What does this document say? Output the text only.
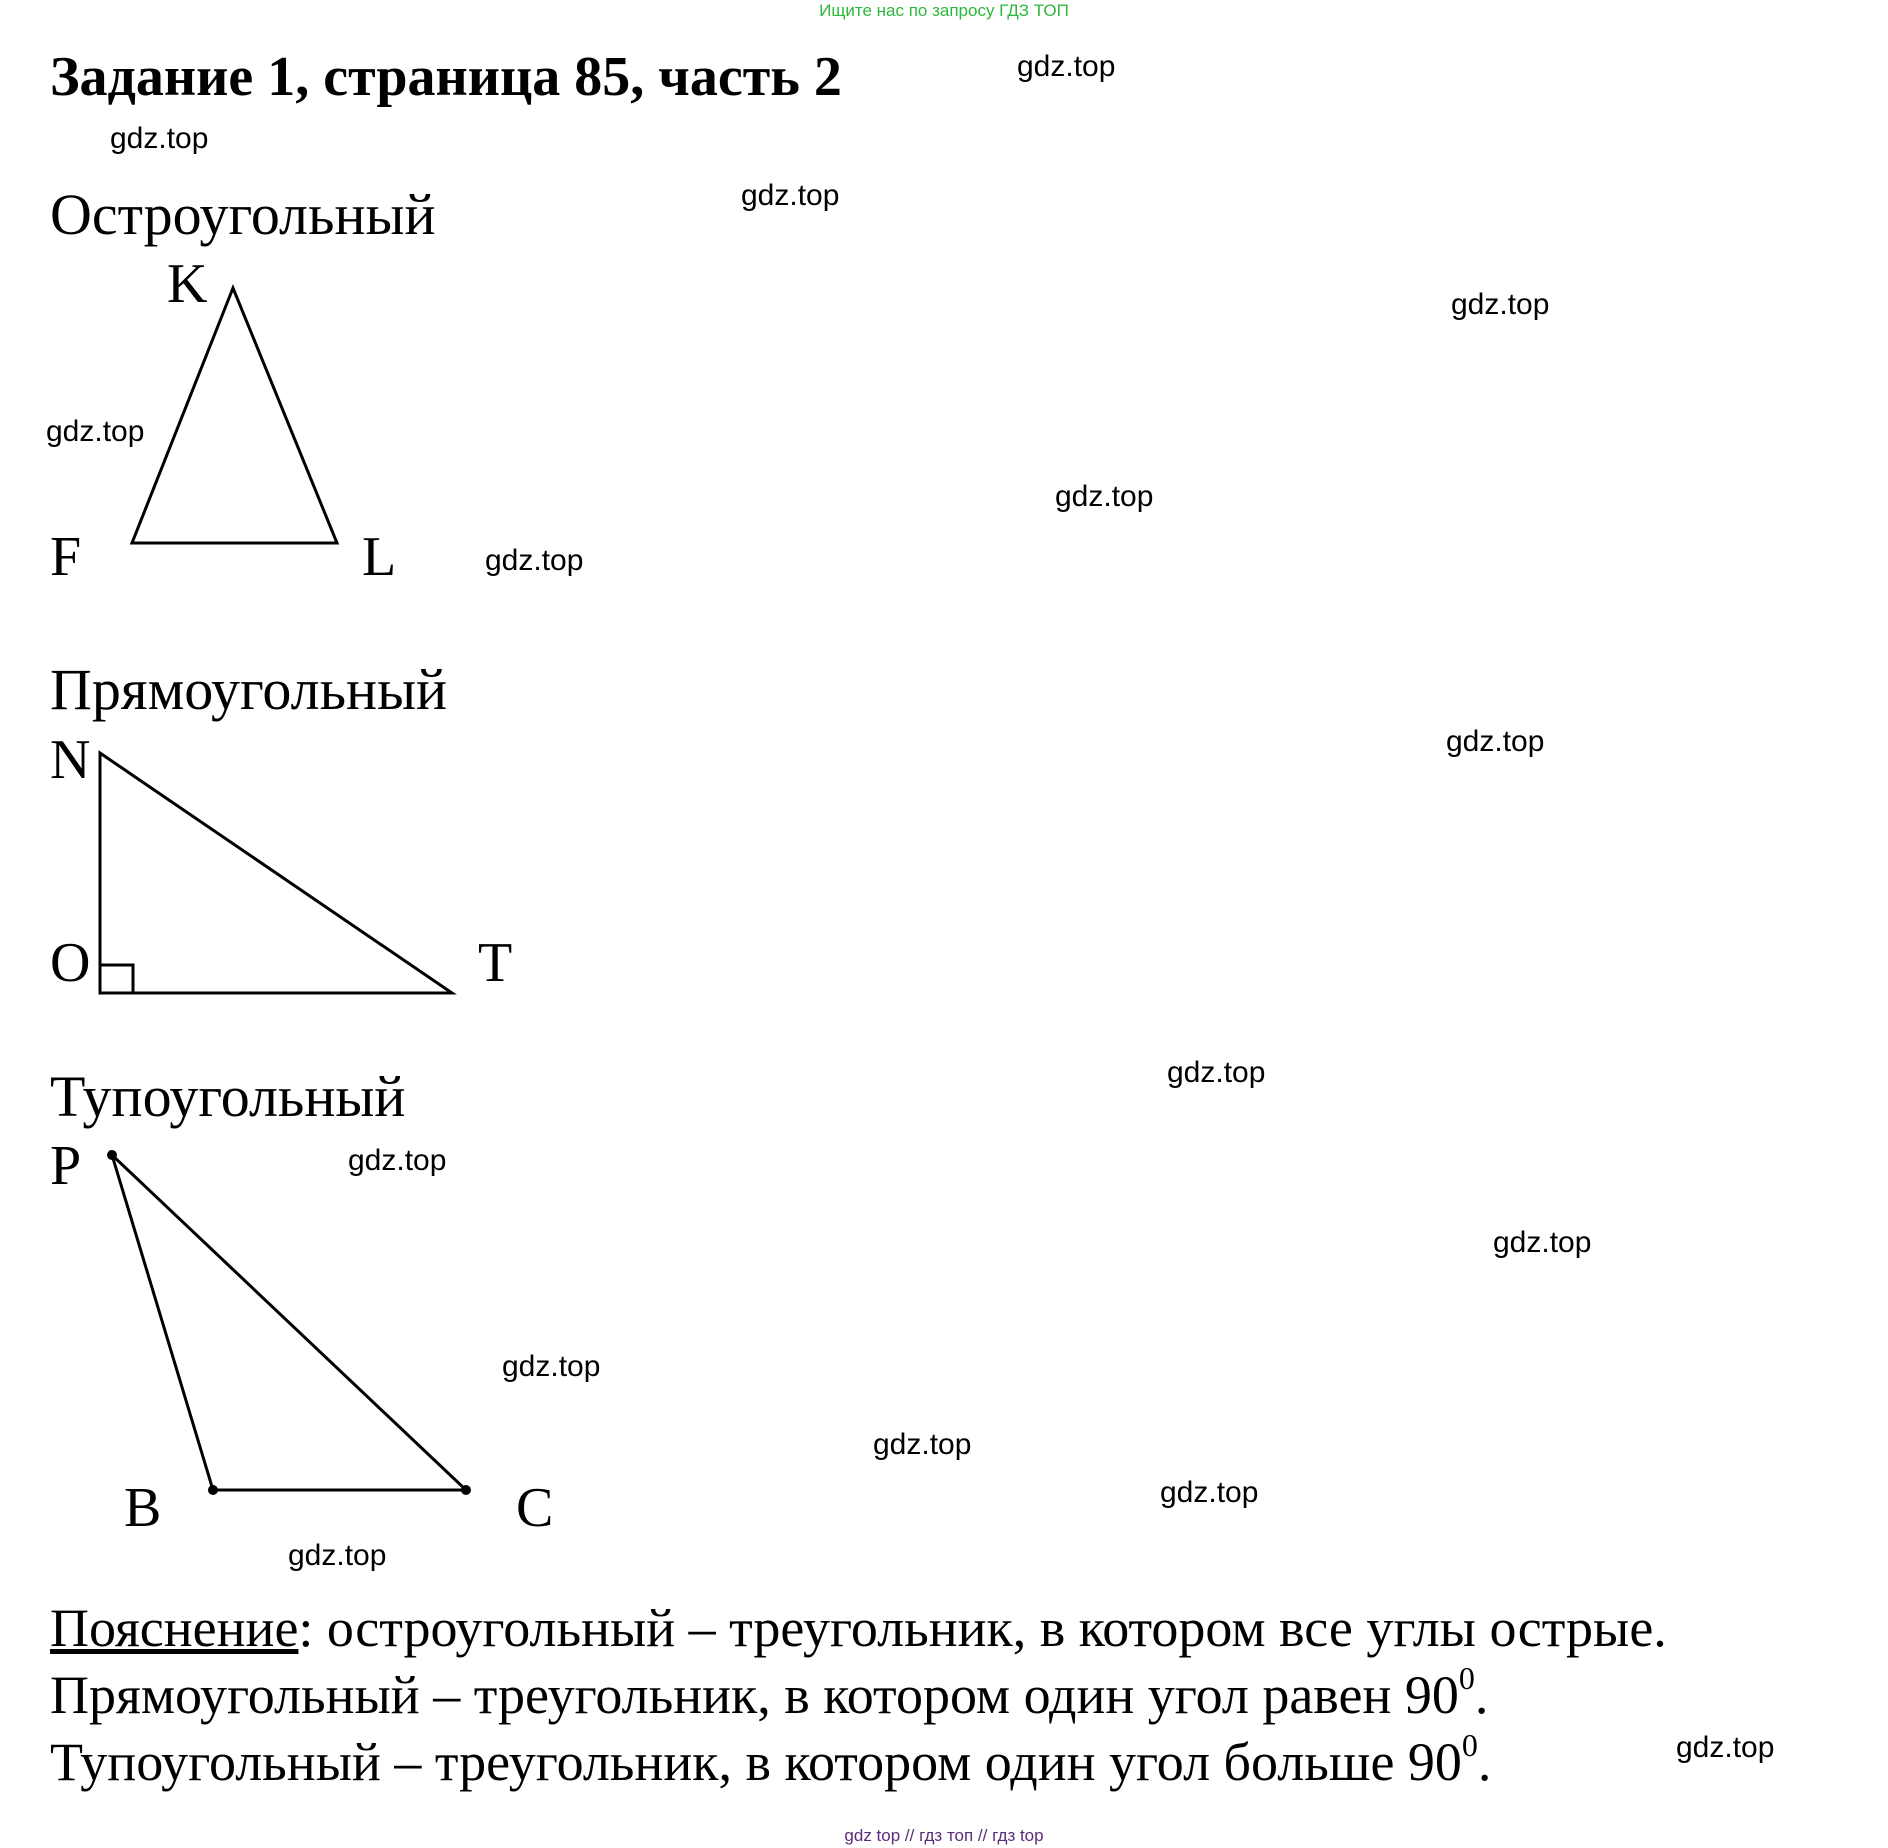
Ищите нас по запросу ГДЗ ТОП
Задание 1, страница 85, часть 2
Остроугольный
K
F	L
Прямоугольный
N
O	T
Тупоугольный
P
B	C
Пояснение: остроугольный – треугольник, в котором все углы острые.
Прямоугольный – треугольник, в котором один угол равен $90^0$.
Тупоугольный – треугольник, в котором один угол больше $90^0$.
gdz.top
gdz.top
gdz.top
gdz.top
gdz.top
gdz.top
gdz.top
gdz.top
gdz.top
gdz.top
gdz.top
gdz.top
gdz.top
gdz.top
gdz.top
gdz.top
gdz top // гдз топ // гдз top
